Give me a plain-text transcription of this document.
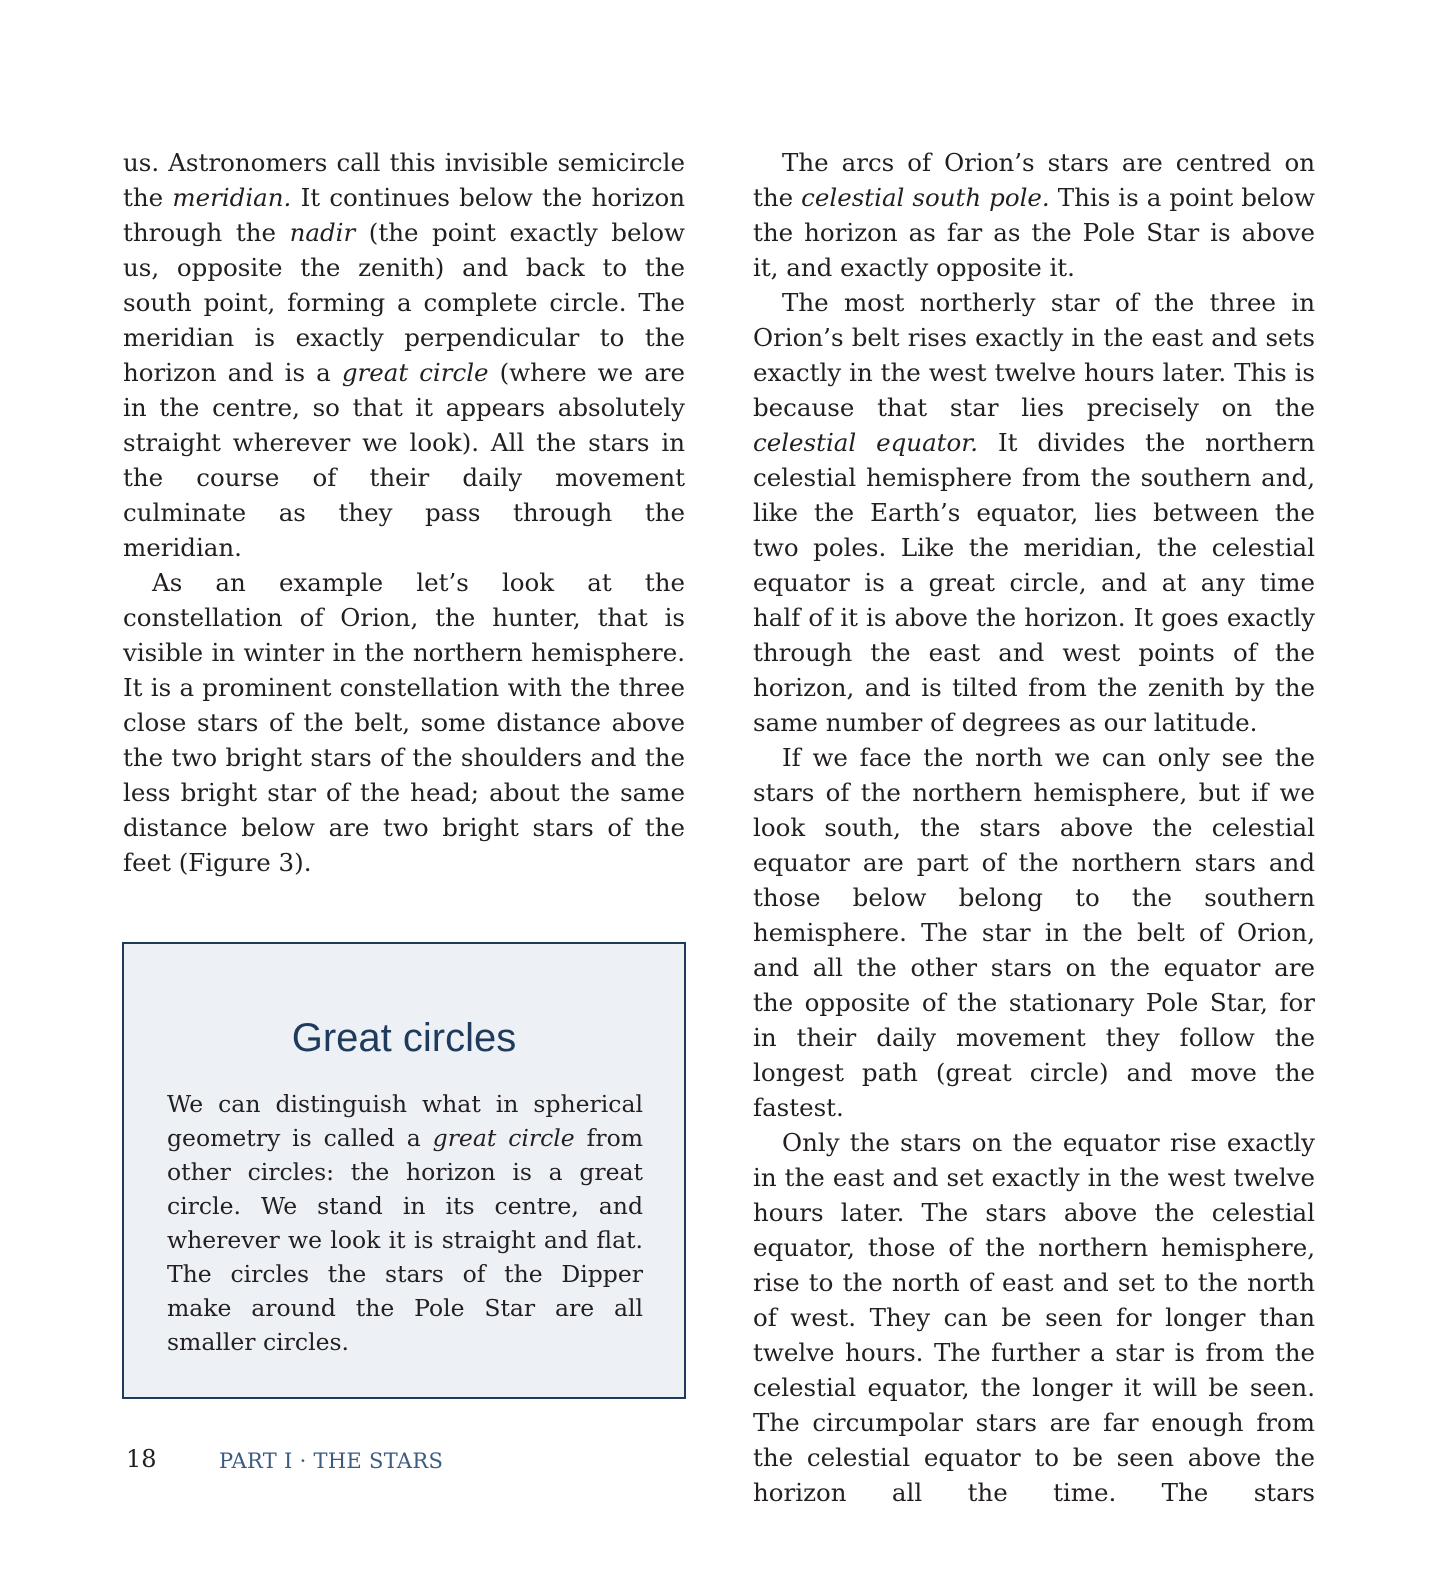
us. Astronomers call this invisible semicircle the meridian. It continues below the horizon through the nadir (the point exactly below us, opposite the zenith) and back to the south point, forming a complete circle. The meridian is exactly perpendicular to the horizon and is a great circle (where we are in the centre, so that it appears absolutely straight wherever we look). All the stars in the course of their daily movement culminate as they pass through the meridian.

As an example let’s look at the constellation of Orion, the hunter, that is visible in winter in the northern hemisphere. It is a prominent constellation with the three close stars of the belt, some distance above the two bright stars of the shoulders and the less bright star of the head; about the same distance below are two bright stars of the feet (Figure 3).

Great circles

We can distinguish what in spherical geometry is called a great circle from other circles: the horizon is a great circle. We stand in its centre, and wherever we look it is straight and flat. The circles the stars of the Dipper make around the Pole Star are all smaller circles.

The arcs of Orion’s stars are centred on the celestial south pole. This is a point below the horizon as far as the Pole Star is above it, and exactly opposite it.

The most northerly star of the three in Orion’s belt rises exactly in the east and sets exactly in the west twelve hours later. This is because that star lies precisely on the celestial equator. It divides the northern celestial hemisphere from the southern and, like the Earth’s equator, lies between the two poles. Like the meridian, the celestial equator is a great circle, and at any time half of it is above the horizon. It goes exactly through the east and west points of the horizon, and is tilted from the zenith by the same number of degrees as our latitude.

If we face the north we can only see the stars of the northern hemisphere, but if we look south, the stars above the celestial equator are part of the northern stars and those below belong to the southern hemisphere. The star in the belt of Orion, and all the other stars on the equator are the opposite of the stationary Pole Star, for in their daily movement they follow the longest path (great circle) and move the fastest.

Only the stars on the equator rise exactly in the east and set exactly in the west twelve hours later. The stars above the celestial equator, those of the northern hemisphere, rise to the north of east and set to the north of west. They can be seen for longer than twelve hours. The further a star is from the celestial equator, the longer it will be seen. The circumpolar stars are far enough from the celestial equator to be seen above the horizon all the time. The stars

18	PART I · THE STARS
